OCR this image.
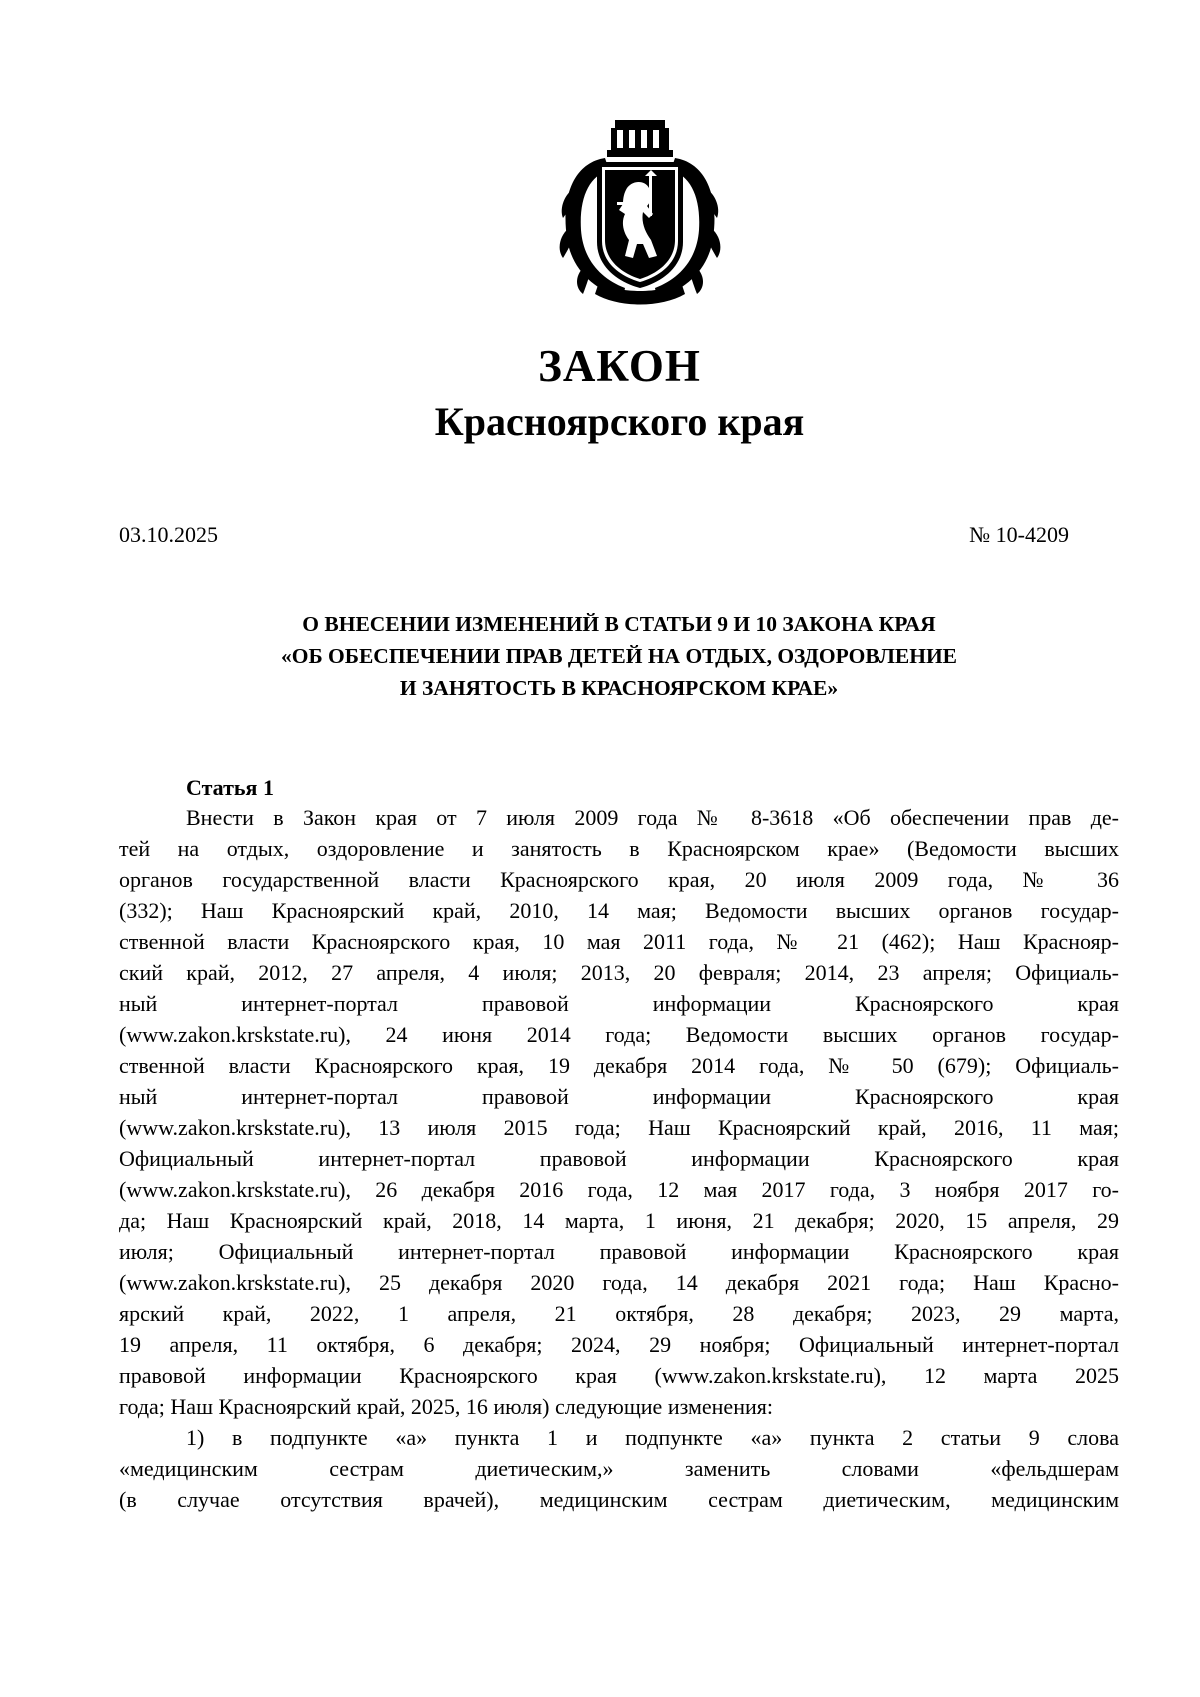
ЗАКОН
Красноярского края
03.10.2025	№ 10-4209
О ВНЕСЕНИИ ИЗМЕНЕНИЙ В СТАТЬИ 9 И 10 ЗАКОНА КРАЯ
«ОБ ОБЕСПЕЧЕНИИ ПРАВ ДЕТЕЙ НА ОТДЫХ, ОЗДОРОВЛЕНИЕ
И ЗАНЯТОСТЬ В КРАСНОЯРСКОМ КРАЕ»
Статья 1
Внести в Закон края от 7 июля 2009 года № 8-3618 «Об обеспечении прав де-
тей на отдых, оздоровление и занятость в Красноярском крае» (Ведомости высших
органов государственной власти Красноярского края, 20 июля 2009 года, № 36
(332); Наш Красноярский край, 2010, 14 мая; Ведомости высших органов государ-
ственной власти Красноярского края, 10 мая 2011 года, № 21 (462); Наш Краснояр-
ский край, 2012, 27 апреля, 4 июля; 2013, 20 февраля; 2014, 23 апреля; Официаль-
ный интернет-портал правовой информации Красноярского края
(www.zakon.krskstate.ru), 24 июня 2014 года; Ведомости высших органов государ-
ственной власти Красноярского края, 19 декабря 2014 года, № 50 (679); Официаль-
ный интернет-портал правовой информации Красноярского края
(www.zakon.krskstate.ru), 13 июля 2015 года; Наш Красноярский край, 2016, 11 мая;
Официальный интернет-портал правовой информации Красноярского края
(www.zakon.krskstate.ru), 26 декабря 2016 года, 12 мая 2017 года, 3 ноября 2017 го-
да; Наш Красноярский край, 2018, 14 марта, 1 июня, 21 декабря; 2020, 15 апреля, 29
июля; Официальный интернет-портал правовой информации Красноярского края
(www.zakon.krskstate.ru), 25 декабря 2020 года, 14 декабря 2021 года; Наш Красно-
ярский край, 2022, 1 апреля, 21 октября, 28 декабря; 2023, 29 марта,
19 апреля, 11 октября, 6 декабря; 2024, 29 ноября; Официальный интернет-портал
правовой информации Красноярского края (www.zakon.krskstate.ru), 12 марта 2025
года; Наш Красноярский край, 2025, 16 июля) следующие изменения:
1) в подпункте «а» пункта 1 и подпункте «а» пункта 2 статьи 9 слова
«медицинским сестрам диетическим,» заменить словами «фельдшерам
(в случае отсутствия врачей), медицинским сестрам диетическим, медицинским
